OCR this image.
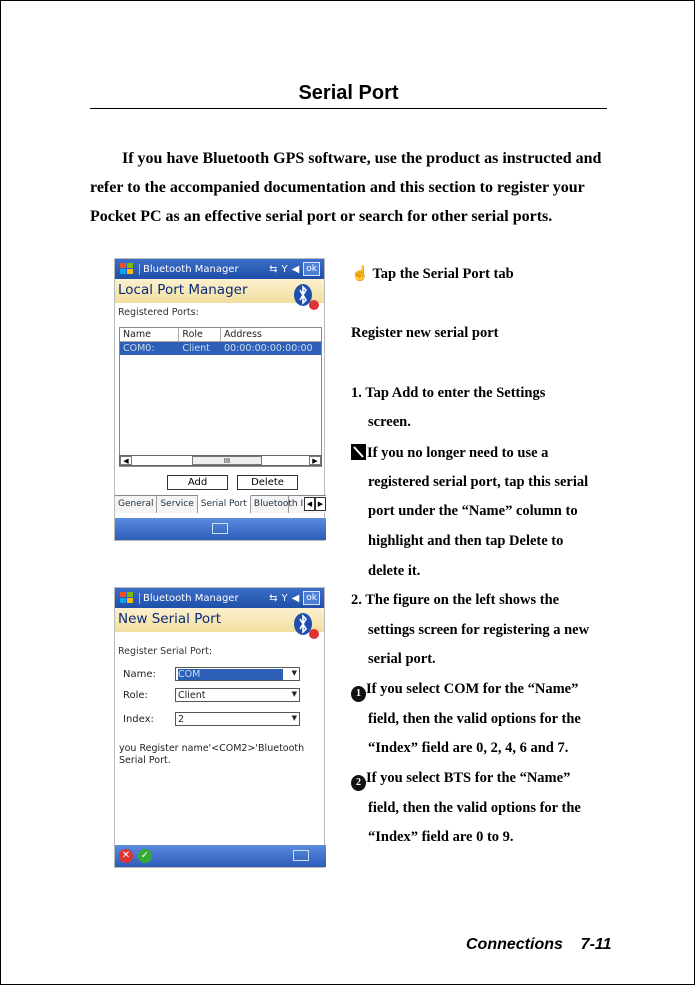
Serial Port

If you have Bluetooth GPS software, use the product as instructed and refer to the accompanied documentation and this section to register your Pocket PC as an effective serial port or search for other serial ports.

Bluetooth Manager	⇆ Y ◀ ok
Local Port Manager
Registered Ports:
Name	Role	Address
COM0:	Client	00:00:00:00:00:00
◀	III	▶
Add	Delete
General Service Serial Port Bluetooth I ◀ ▶
Bluetooth Manager	⇆ Y ◀ ok
New Serial Port
Register Serial Port:
Name:	COM	▼
Role:	Client	▼
Index:	2	▼
you Register name'<COM2>'Bluetooth Serial Port.
✕ ✓
☝ Tap the Serial Port tab
Register new serial port
1. Tap Add to enter the Settings
screen.
If you no longer need to use a
registered serial port, tap this serial
port under the “Name” column to
highlight and then tap Delete to
delete it.
2. The figure on the left shows the
settings screen for registering a new
serial port.
1 If you select COM for the “Name”
field, then the valid options for the
“Index” field are 0, 2, 4, 6 and 7.
2 If you select BTS for the “Name”
field, then the valid options for the
“Index” field are 0 to 9.
Connections 7-11
